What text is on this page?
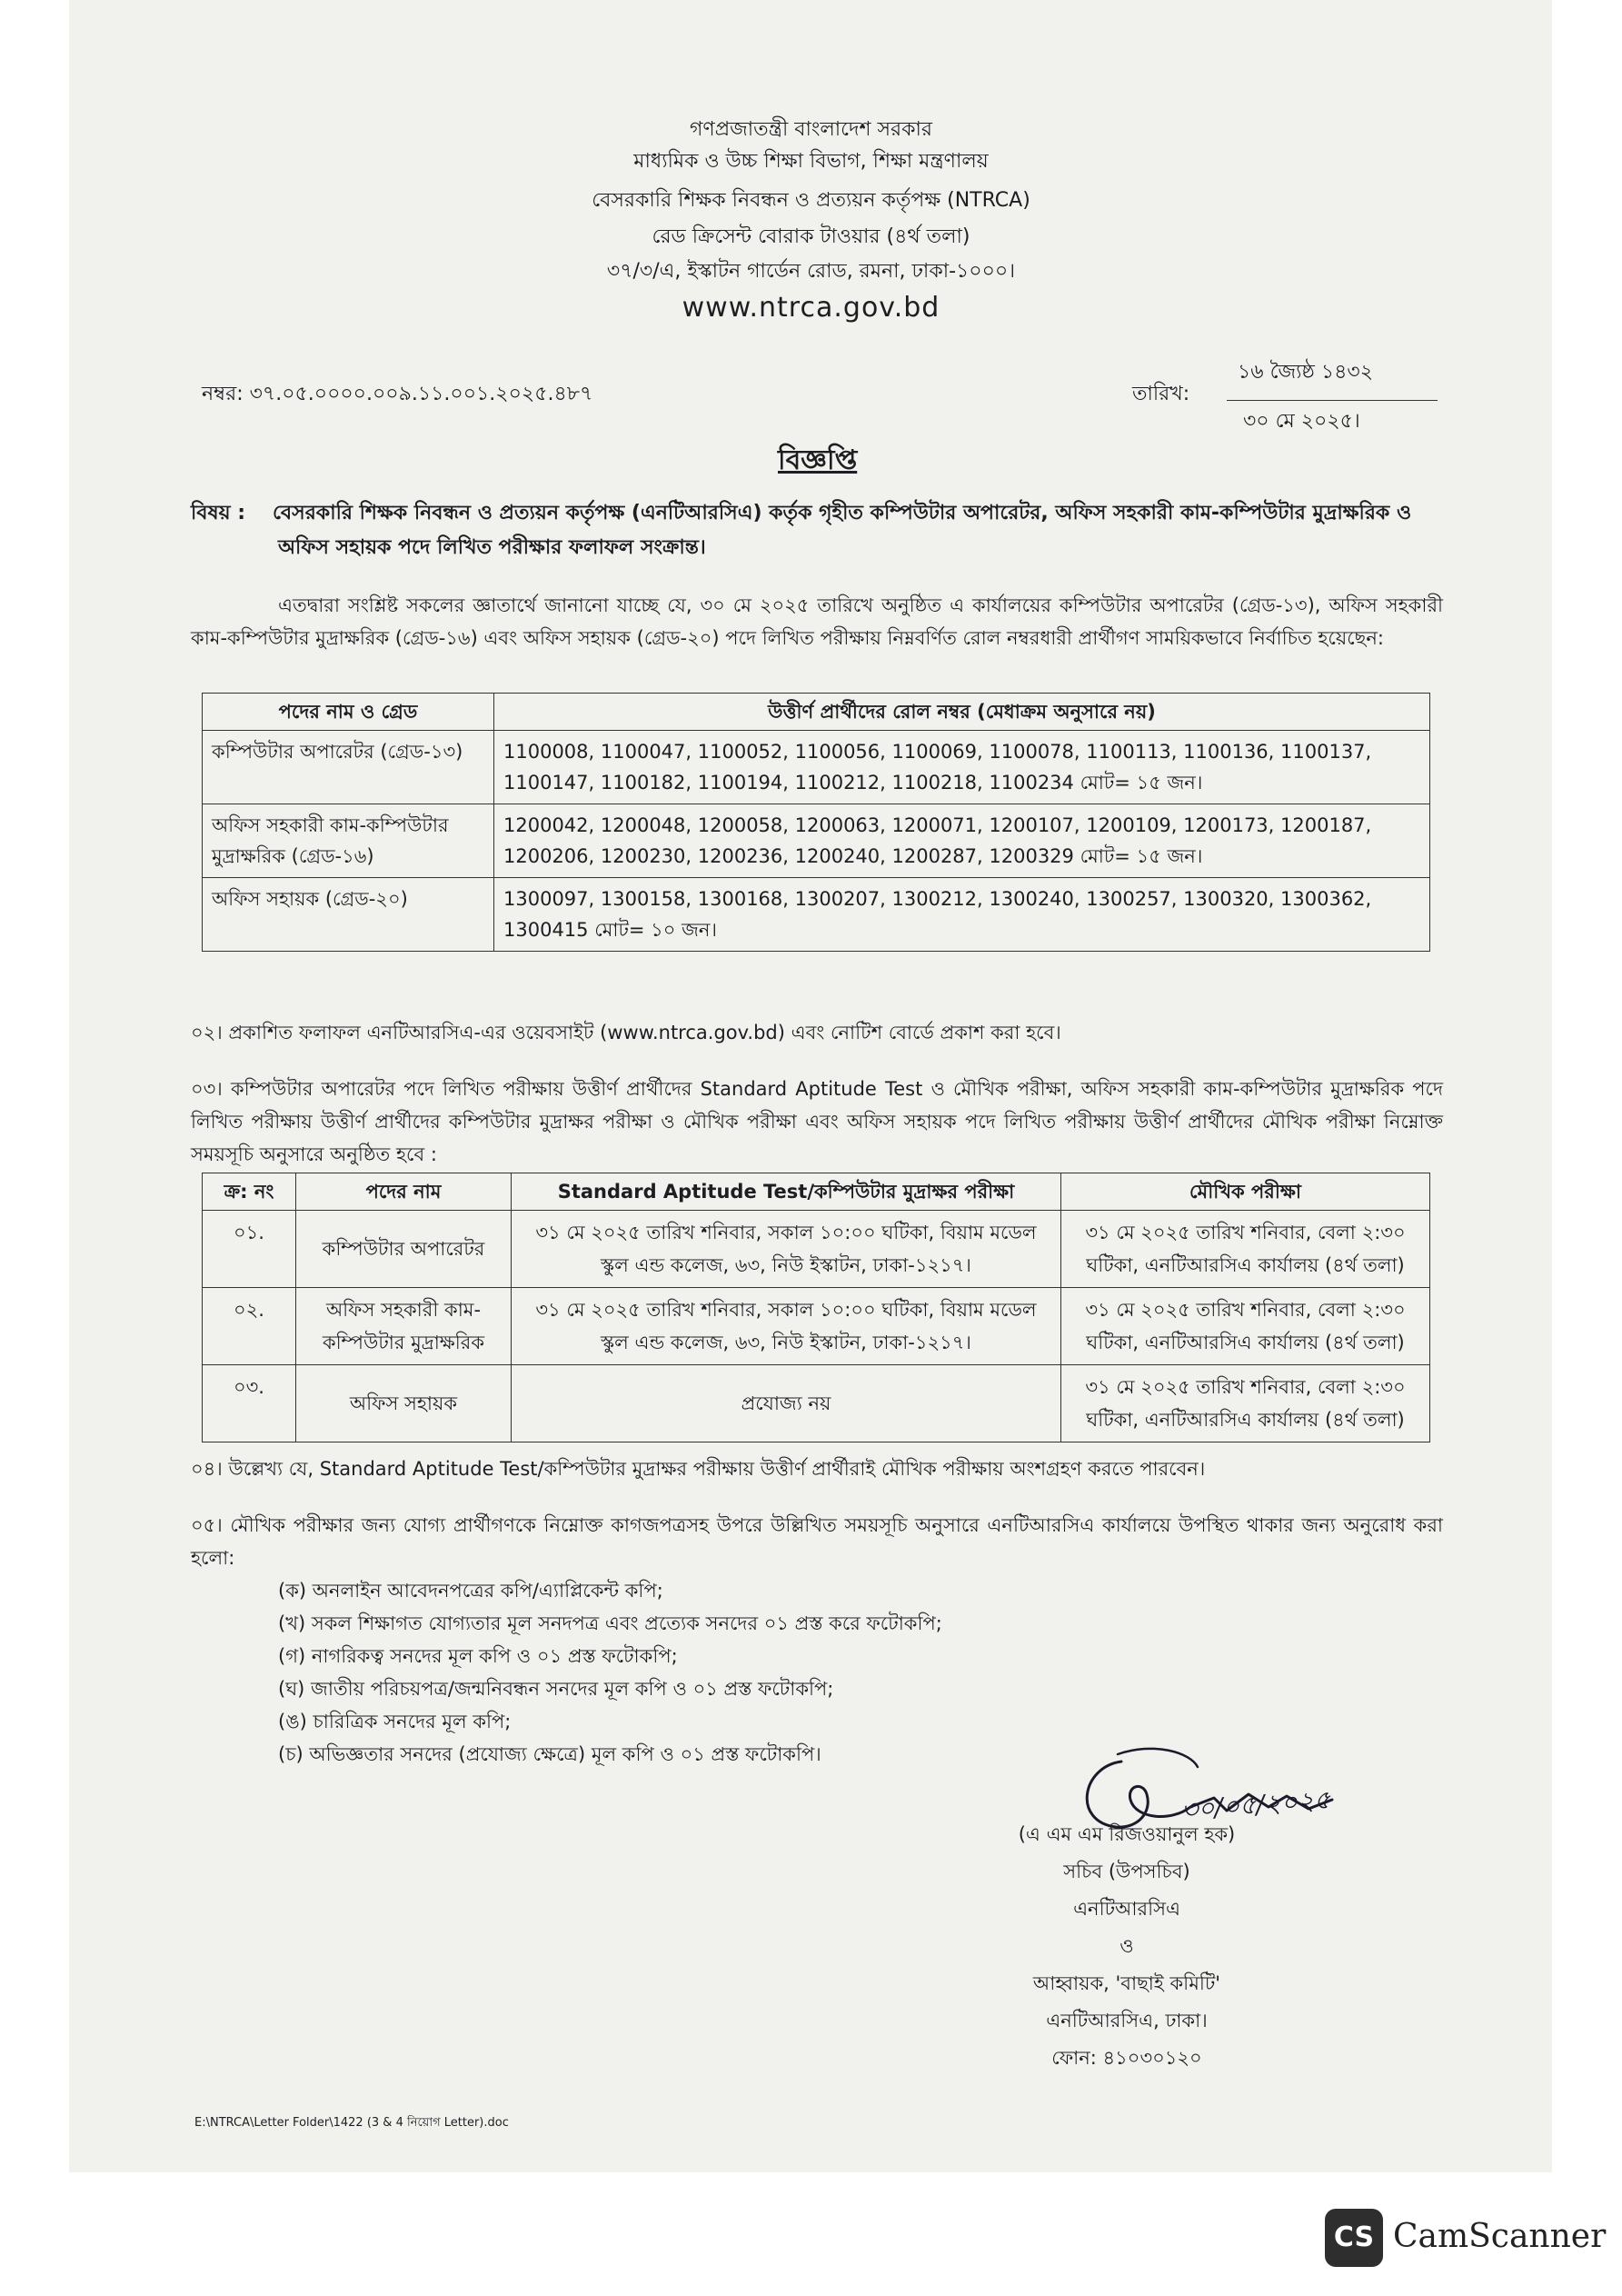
গণপ্রজাতন্ত্রী বাংলাদেশ সরকার
মাধ্যমিক ও উচ্চ শিক্ষা বিভাগ, শিক্ষা মন্ত্রণালয়
বেসরকারি শিক্ষক নিবন্ধন ও প্রত্যয়ন কর্তৃপক্ষ (NTRCA)
রেড ক্রিসেন্ট বোরাক টাওয়ার (৪র্থ তলা)
৩৭/৩/এ, ইস্কাটন গার্ডেন রোড, রমনা, ঢাকা-১০০০।
www.ntrca.gov.bd
নম্বর: ৩৭.০৫.০০০০.০০৯.১১.০০১.২০২৫.৪৮৭	তারিখ:
১৬ জ্যৈষ্ঠ ১৪৩২
৩০ মে ২০২৫।
বিজ্ঞপ্তি
বিষয় : বেসরকারি শিক্ষক নিবন্ধন ও প্রত্যয়ন কর্তৃপক্ষ (এনটিআরসিএ) কর্তৃক গৃহীত কম্পিউটার অপারেটর, অফিস সহকারী কাম-কম্পিউটার মুদ্রাক্ষরিক ও অফিস সহায়ক পদে লিখিত পরীক্ষার ফলাফল সংক্রান্ত।
এতদ্বারা সংশ্লিষ্ট সকলের জ্ঞাতার্থে জানানো যাচ্ছে যে, ৩০ মে ২০২৫ তারিখে অনুষ্ঠিত এ কার্যালয়ের কম্পিউটার অপারেটর (গ্রেড-১৩), অফিস সহকারী কাম-কম্পিউটার মুদ্রাক্ষরিক (গ্রেড-১৬) এবং অফিস সহায়ক (গ্রেড-২০) পদে লিখিত পরীক্ষায় নিম্নবর্ণিত রোল নম্বরধারী প্রার্থীগণ সাময়িকভাবে নির্বাচিত হয়েছেন:
পদের নাম ও গ্রেড	উত্তীর্ণ প্রার্থীদের রোল নম্বর (মেধাক্রম অনুসারে নয়)
কম্পিউটার অপারেটর (গ্রেড-১৩)	1100008, 1100047, 1100052, 1100056, 1100069, 1100078, 1100113, 1100136, 1100137, 1100147, 1100182, 1100194, 1100212, 1100218, 1100234 মোট= ১৫ জন।
অফিস সহকারী কাম-কম্পিউটার মুদ্রাক্ষরিক (গ্রেড-১৬)	1200042, 1200048, 1200058, 1200063, 1200071, 1200107, 1200109, 1200173, 1200187, 1200206, 1200230, 1200236, 1200240, 1200287, 1200329 মোট= ১৫ জন।
অফিস সহায়ক (গ্রেড-২০)	1300097, 1300158, 1300168, 1300207, 1300212, 1300240, 1300257, 1300320, 1300362, 1300415 মোট= ১০ জন।
০২। প্রকাশিত ফলাফল এনটিআরসিএ-এর ওয়েবসাইট (www.ntrca.gov.bd) এবং নোটিশ বোর্ডে প্রকাশ করা হবে।
০৩। কম্পিউটার অপারেটর পদে লিখিত পরীক্ষায় উত্তীর্ণ প্রার্থীদের Standard Aptitude Test ও মৌখিক পরীক্ষা, অফিস সহকারী কাম-কম্পিউটার মুদ্রাক্ষরিক পদে লিখিত পরীক্ষায় উত্তীর্ণ প্রার্থীদের কম্পিউটার মুদ্রাক্ষর পরীক্ষা ও মৌখিক পরীক্ষা এবং অফিস সহায়ক পদে লিখিত পরীক্ষায় উত্তীর্ণ প্রার্থীদের মৌখিক পরীক্ষা নিম্নোক্ত সময়সূচি অনুসারে অনুষ্ঠিত হবে :
ক্র: নং	পদের নাম	Standard Aptitude Test/কম্পিউটার মুদ্রাক্ষর পরীক্ষা	মৌখিক পরীক্ষা
০১.	কম্পিউটার অপারেটর	৩১ মে ২০২৫ তারিখ শনিবার, সকাল ১০:০০ ঘটিকা, বিয়াম মডেল স্কুল এন্ড কলেজ, ৬৩, নিউ ইস্কাটন, ঢাকা-১২১৭।	৩১ মে ২০২৫ তারিখ শনিবার, বেলা ২:৩০ ঘটিকা, এনটিআরসিএ কার্যালয় (৪র্থ তলা)
০২.	অফিস সহকারী কাম-কম্পিউটার মুদ্রাক্ষরিক	৩১ মে ২০২৫ তারিখ শনিবার, সকাল ১০:০০ ঘটিকা, বিয়াম মডেল স্কুল এন্ড কলেজ, ৬৩, নিউ ইস্কাটন, ঢাকা-১২১৭।	৩১ মে ২০২৫ তারিখ শনিবার, বেলা ২:৩০ ঘটিকা, এনটিআরসিএ কার্যালয় (৪র্থ তলা)
০৩.	অফিস সহায়ক	প্রযোজ্য নয়	৩১ মে ২০২৫ তারিখ শনিবার, বেলা ২:৩০ ঘটিকা, এনটিআরসিএ কার্যালয় (৪র্থ তলা)
০৪। উল্লেখ্য যে, Standard Aptitude Test/কম্পিউটার মুদ্রাক্ষর পরীক্ষায় উত্তীর্ণ প্রার্থীরাই মৌখিক পরীক্ষায় অংশগ্রহণ করতে পারবেন।
০৫। মৌখিক পরীক্ষার জন্য যোগ্য প্রার্থীগণকে নিম্নোক্ত কাগজপত্রসহ উপরে উল্লিখিত সময়সূচি অনুসারে এনটিআরসিএ কার্যালয়ে উপস্থিত থাকার জন্য অনুরোধ করা হলো:
(ক) অনলাইন আবেদনপত্রের কপি/এ্যাপ্লিকেন্ট কপি;
(খ) সকল শিক্ষাগত যোগ্যতার মূল সনদপত্র এবং প্রত্যেক সনদের ০১ প্রস্ত করে ফটোকপি;
(গ) নাগরিকত্ব সনদের মূল কপি ও ০১ প্রস্ত ফটোকপি;
(ঘ) জাতীয় পরিচয়পত্র/জন্মনিবন্ধন সনদের মূল কপি ও ০১ প্রস্ত ফটোকপি;
(ঙ) চারিত্রিক সনদের মূল কপি;
(চ) অভিজ্ঞতার সনদের (প্রযোজ্য ক্ষেত্রে) মূল কপি ও ০১ প্রস্ত ফটোকপি।
৩০/০৫/২০২৫
(এ এম এম রিজওয়ানুল হক)
সচিব (উপসচিব)
এনটিআরসিএ
ও
আহ্বায়ক, 'বাছাই কমিটি'
এনটিআরসিএ, ঢাকা।
ফোন: ৪১০৩০১২০
E:\NTRCA\Letter Folder\1422 (3 & 4 নিয়োগ Letter).doc
CS CamScanner
